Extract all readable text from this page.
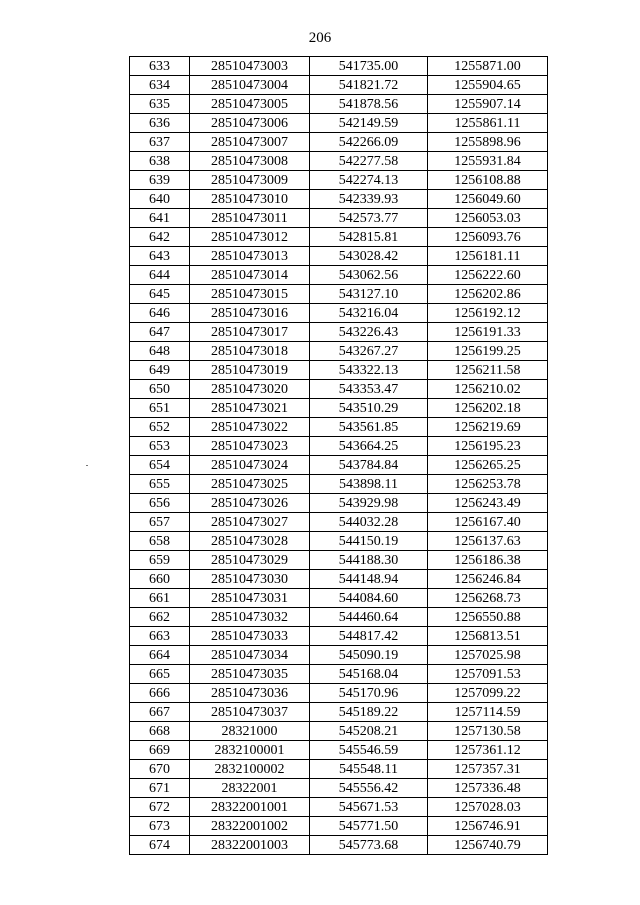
206
633	28510473003	541735.00	1255871.00
634	28510473004	541821.72	1255904.65
635	28510473005	541878.56	1255907.14
636	28510473006	542149.59	1255861.11
637	28510473007	542266.09	1255898.96
638	28510473008	542277.58	1255931.84
639	28510473009	542274.13	1256108.88
640	28510473010	542339.93	1256049.60
641	28510473011	542573.77	1256053.03
642	28510473012	542815.81	1256093.76
643	28510473013	543028.42	1256181.11
644	28510473014	543062.56	1256222.60
645	28510473015	543127.10	1256202.86
646	28510473016	543216.04	1256192.12
647	28510473017	543226.43	1256191.33
648	28510473018	543267.27	1256199.25
649	28510473019	543322.13	1256211.58
650	28510473020	543353.47	1256210.02
651	28510473021	543510.29	1256202.18
652	28510473022	543561.85	1256219.69
653	28510473023	543664.25	1256195.23
654	28510473024	543784.84	1256265.25
655	28510473025	543898.11	1256253.78
656	28510473026	543929.98	1256243.49
657	28510473027	544032.28	1256167.40
658	28510473028	544150.19	1256137.63
659	28510473029	544188.30	1256186.38
660	28510473030	544148.94	1256246.84
661	28510473031	544084.60	1256268.73
662	28510473032	544460.64	1256550.88
663	28510473033	544817.42	1256813.51
664	28510473034	545090.19	1257025.98
665	28510473035	545168.04	1257091.53
666	28510473036	545170.96	1257099.22
667	28510473037	545189.22	1257114.59
668	28321000	545208.21	1257130.58
669	2832100001	545546.59	1257361.12
670	2832100002	545548.11	1257357.31
671	28322001	545556.42	1257336.48
672	28322001001	545671.53	1257028.03
673	28322001002	545771.50	1256746.91
674	28322001003	545773.68	1256740.79
